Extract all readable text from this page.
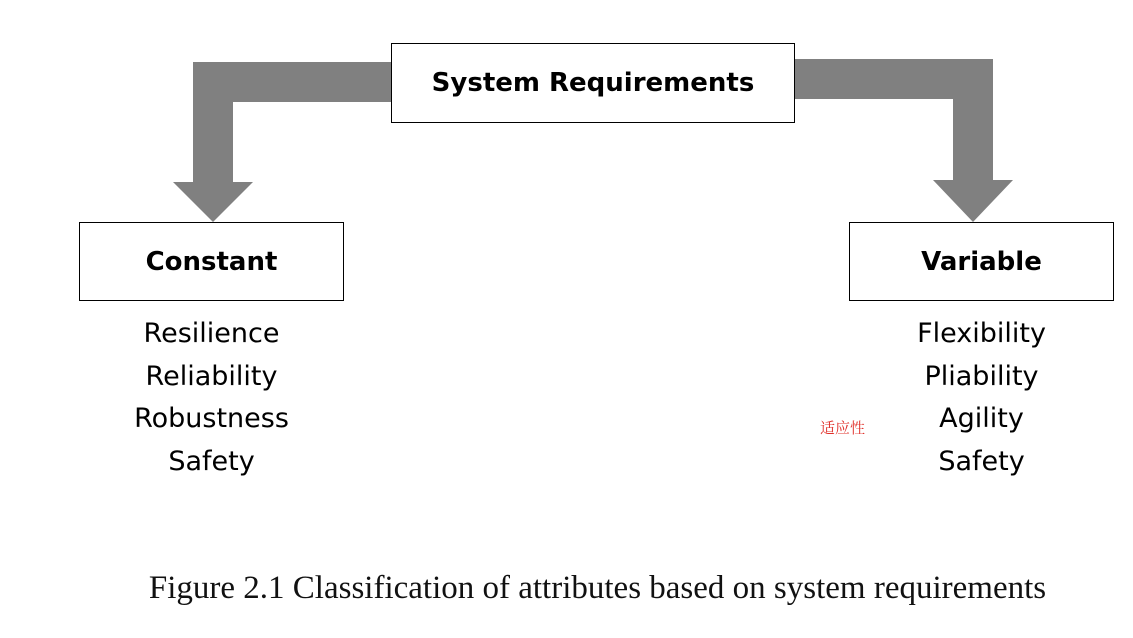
System Requirements
Constant	Variable
Resilience
Reliability
Robustness
Safety
Flexibility
Pliability
Agility
Safety
适应性
Figure 2.1 Classification of attributes based on system requirements
